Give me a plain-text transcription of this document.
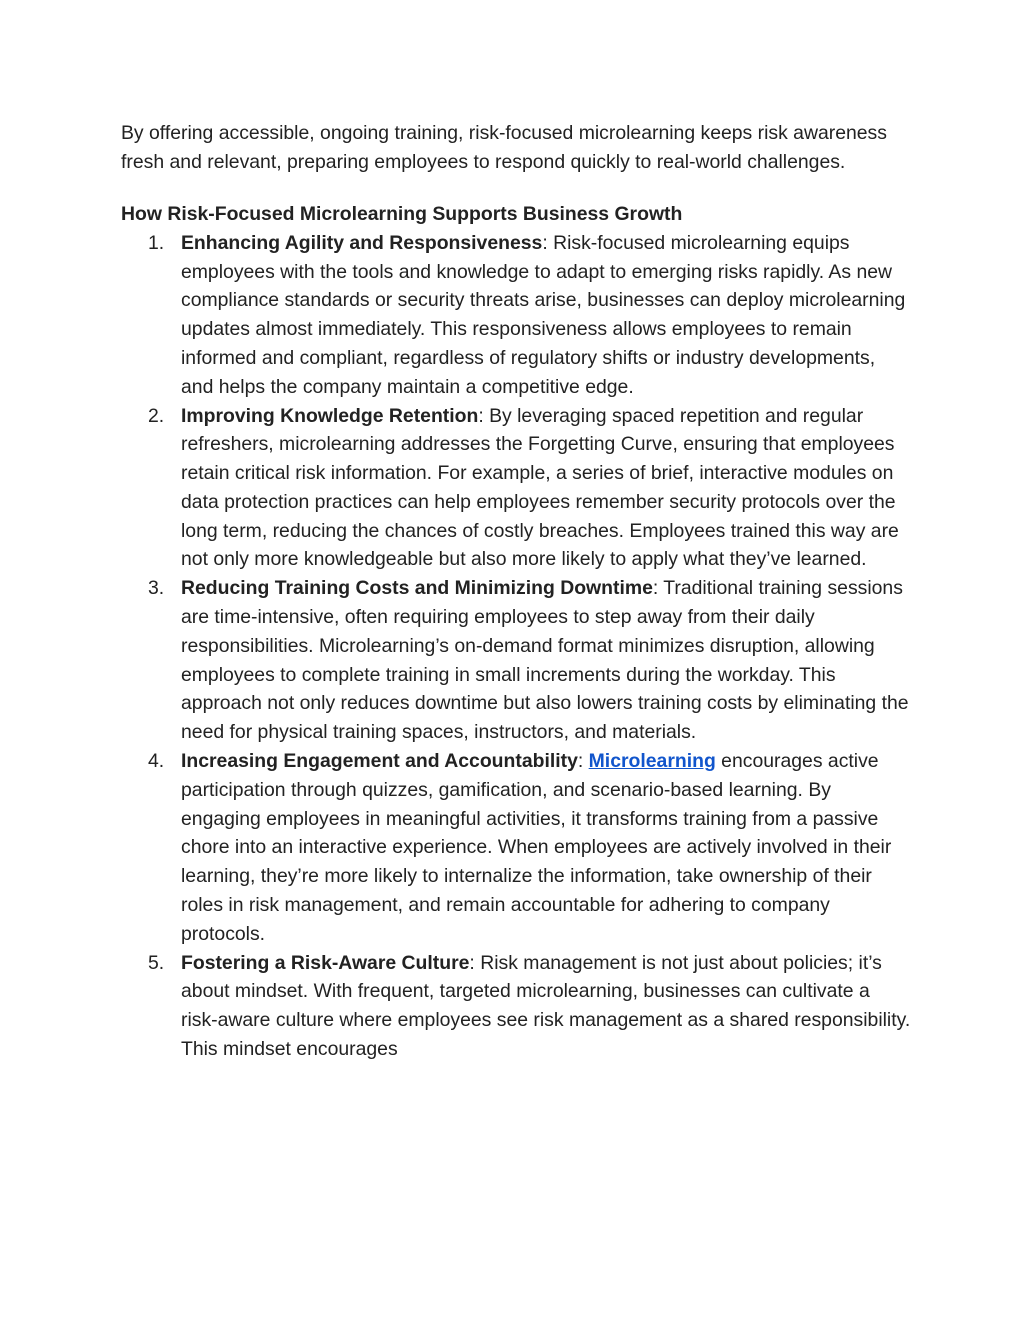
By offering accessible, ongoing training, risk-focused microlearning keeps risk awareness fresh and relevant, preparing employees to respond quickly to real-world challenges.

How Risk-Focused Microlearning Supports Business Growth
1. Enhancing Agility and Responsiveness: Risk-focused microlearning equips employees with the tools and knowledge to adapt to emerging risks rapidly. As new compliance standards or security threats arise, businesses can deploy microlearning updates almost immediately. This responsiveness allows employees to remain informed and compliant, regardless of regulatory shifts or industry developments, and helps the company maintain a competitive edge.
2. Improving Knowledge Retention: By leveraging spaced repetition and regular refreshers, microlearning addresses the Forgetting Curve, ensuring that employees retain critical risk information. For example, a series of brief, interactive modules on data protection practices can help employees remember security protocols over the long term, reducing the chances of costly breaches. Employees trained this way are not only more knowledgeable but also more likely to apply what they’ve learned.
3. Reducing Training Costs and Minimizing Downtime: Traditional training sessions are time-intensive, often requiring employees to step away from their daily responsibilities. Microlearning’s on-demand format minimizes disruption, allowing employees to complete training in small increments during the workday. This approach not only reduces downtime but also lowers training costs by eliminating the need for physical training spaces, instructors, and materials.
4. Increasing Engagement and Accountability: Microlearning encourages active participation through quizzes, gamification, and scenario-based learning. By engaging employees in meaningful activities, it transforms training from a passive chore into an interactive experience. When employees are actively involved in their learning, they’re more likely to internalize the information, take ownership of their roles in risk management, and remain accountable for adhering to company protocols.
5. Fostering a Risk-Aware Culture: Risk management is not just about policies; it’s about mindset. With frequent, targeted microlearning, businesses can cultivate a risk-aware culture where employees see risk management as a shared responsibility. This mindset encourages
